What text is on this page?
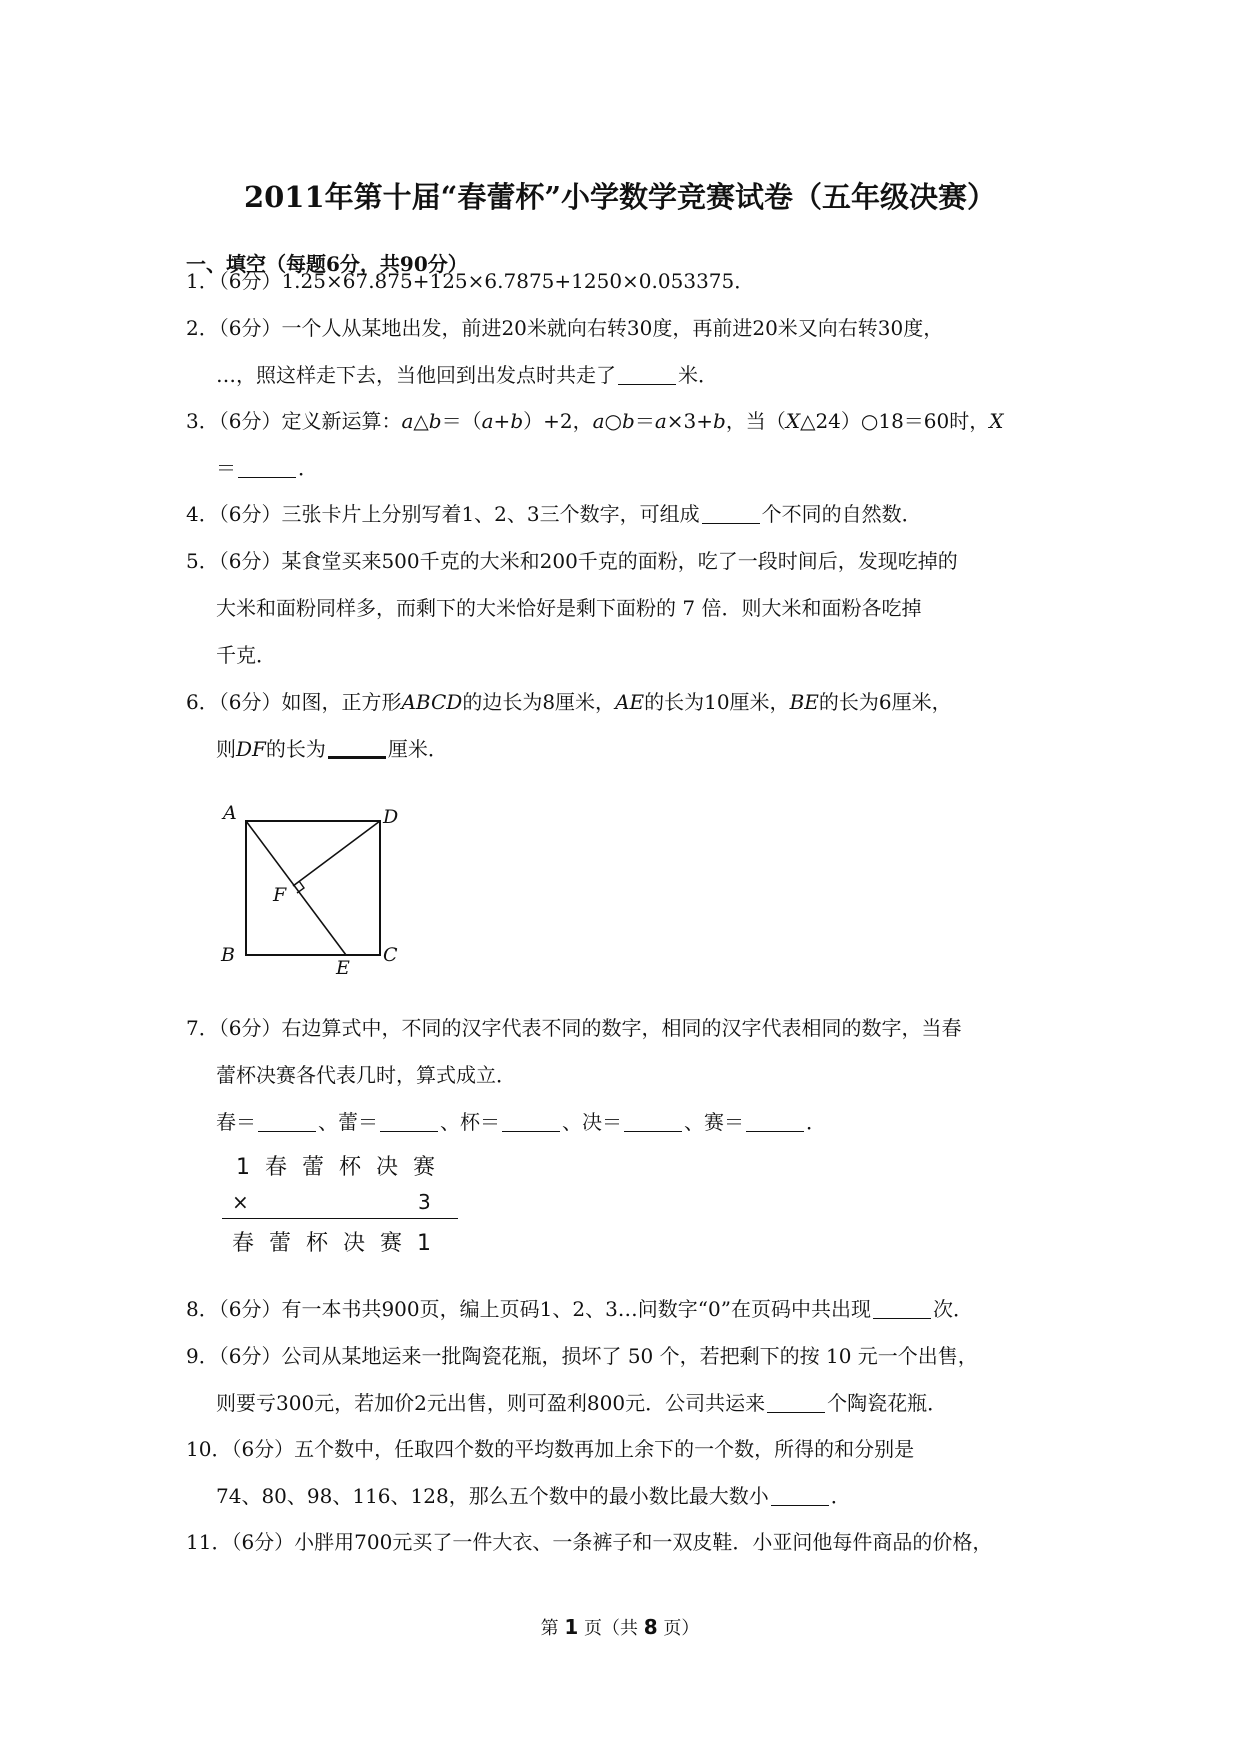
2011年第十届“春蕾杯”小学数学竞赛试卷（五年级决赛）
一、填空（每题6分，共90分）
1．（6分）1.25×67.875+125×6.7875+1250×0.053375．
2．（6分）一个人从某地出发，前进20米就向右转30度，再前进20米又向右转30度，
…，照这样走下去，当他回到出发点时共走了	米．
3．（6分）定义新运算：a△b＝（a+b）+2，a○b＝a×3+b，当（X△24）○18＝60时，X
＝	．
4．（6分）三张卡片上分别写着1、2、3三个数字，可组成	个不同的自然数．
5．（6分）某食堂买来500千克的大米和200千克的面粉，吃了一段时间后，发现吃掉的
大米和面粉同样多，而剩下的大米恰好是剩下面粉的 7 倍．则大米和面粉各吃掉
千克．
6．（6分）如图，正方形ABCD的边长为8厘米，AE的长为10厘米，BE的长为6厘米，
则DF的长为	厘米．
A	D
F
B	C
E
7．（6分）右边算式中，不同的汉字代表不同的数字，相同的汉字代表相同的数字，当春
蕾杯决赛各代表几时，算式成立．
春＝	、蕾＝	、杯＝	、决＝	、赛＝	．
1 春 蕾 杯 决 赛
×	3
春 蕾 杯 决 赛 1
8．（6分）有一本书共900页，编上页码1、2、3…问数字“0”在页码中共出现	次．
9．（6分）公司从某地运来一批陶瓷花瓶，损坏了 50 个，若把剩下的按 10 元一个出售，
则要亏300元，若加价2元出售，则可盈利800元．公司共运来	个陶瓷花瓶．
10．（6分）五个数中，任取四个数的平均数再加上余下的一个数，所得的和分别是
74、80、98、116、128，那么五个数中的最小数比最大数小	．
11．（6分）小胖用700元买了一件大衣、一条裤子和一双皮鞋．小亚问他每件商品的价格，
第 1 页（共 8 页）
